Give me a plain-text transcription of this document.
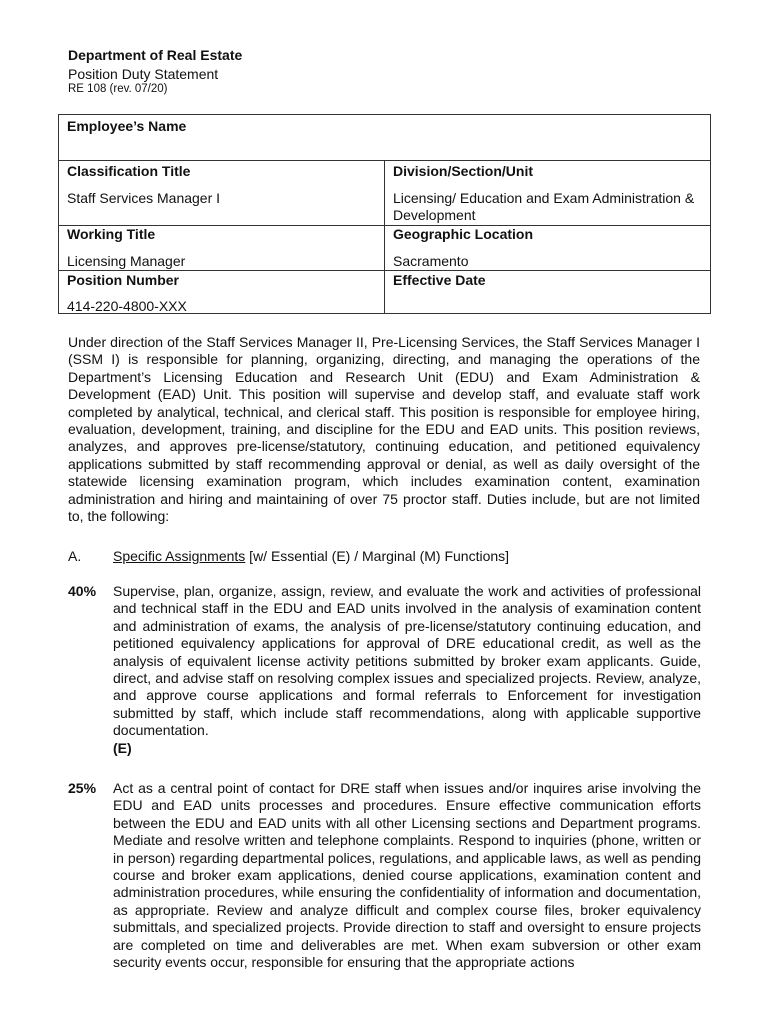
Department of Real Estate
Position Duty Statement
RE 108 (rev. 07/20)
Employee’s Name
Classification Title
Staff Services Manager I
Division/Section/Unit
Licensing/ Education and Exam Administration & Development
Working Title
Licensing Manager
Geographic Location
Sacramento
Position Number
414-220-4800-XXX
Effective Date
Under direction of the Staff Services Manager II, Pre-Licensing Services, the Staff Services Manager I (SSM I) is responsible for planning, organizing, directing, and managing the operations of the Department’s Licensing Education and Research Unit (EDU) and Exam Administration & Development (EAD) Unit. This position will supervise and develop staff, and evaluate staff work completed by analytical, technical, and clerical staff. This position is responsible for employee hiring, evaluation, development, training, and discipline for the EDU and EAD units. This position reviews, analyzes, and approves pre-license/statutory, continuing education, and petitioned equivalency applications submitted by staff recommending approval or denial, as well as daily oversight of the statewide licensing examination program, which includes examination content, examination administration and hiring and maintaining of over 75 proctor staff. Duties include, but are not limited to, the following:
A. Specific Assignments [w/ Essential (E) / Marginal (M) Functions]
40% Supervise, plan, organize, assign, review, and evaluate the work and activities of professional and technical staff in the EDU and EAD units involved in the analysis of examination content and administration of exams, the analysis of pre-license/statutory continuing education, and petitioned equivalency applications for approval of DRE educational credit, as well as the analysis of equivalent license activity petitions submitted by broker exam applicants. Guide, direct, and advise staff on resolving complex issues and specialized projects. Review, analyze, and approve course applications and formal referrals to Enforcement for investigation submitted by staff, which include staff recommendations, along with applicable supportive documentation.
(E)
25% Act as a central point of contact for DRE staff when issues and/or inquires arise involving the EDU and EAD units processes and procedures. Ensure effective communication efforts between the EDU and EAD units with all other Licensing sections and Department programs. Mediate and resolve written and telephone complaints. Respond to inquiries (phone, written or in person) regarding departmental polices, regulations, and applicable laws, as well as pending course and broker exam applications, denied course applications, examination content and administration procedures, while ensuring the confidentiality of information and documentation, as appropriate. Review and analyze difficult and complex course files, broker equivalency submittals, and specialized projects. Provide direction to staff and oversight to ensure projects are completed on time and deliverables are met. When exam subversion or other exam security events occur, responsible for ensuring that the appropriate actions
